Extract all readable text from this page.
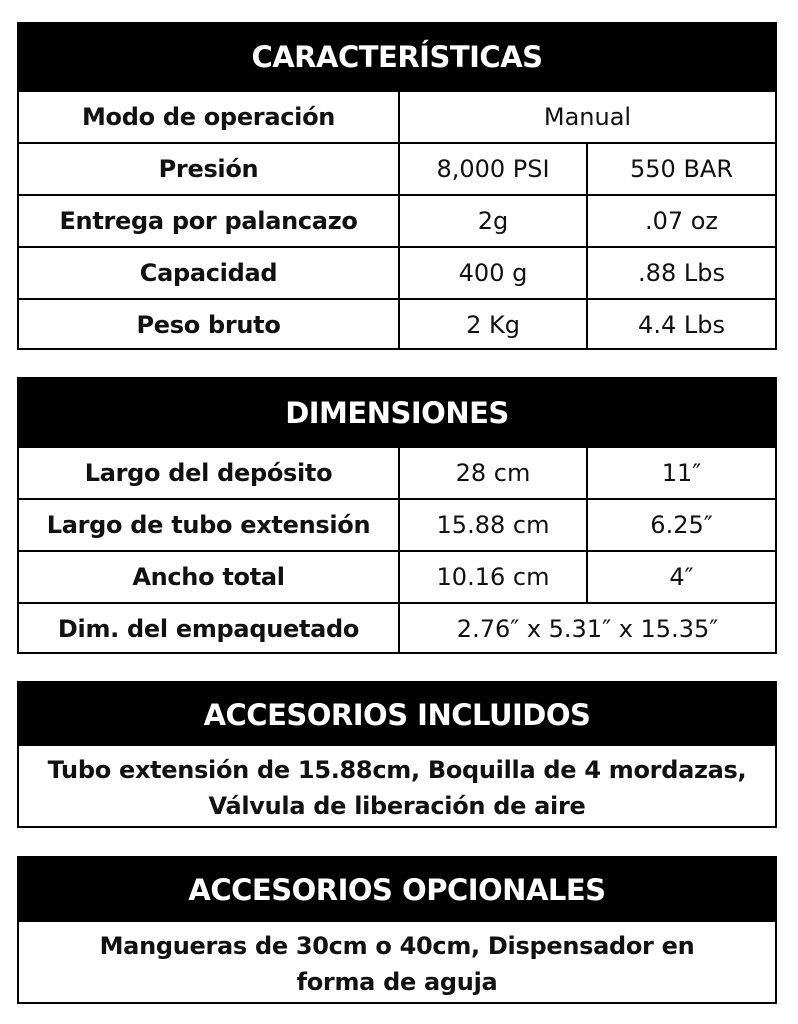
CARACTERÍSTICAS
Modo de operación	Manual	
Presión	8,000 PSI	550 BAR
Entrega por palancazo	2g	.07 oz
Capacidad	400 g	.88 Lbs
Peso bruto	2 Kg	4.4 Lbs
DIMENSIONES
Largo del depósito	28 cm	11″
Largo de tubo extensión	15.88 cm	6.25″
Ancho total	10.16 cm	4″
Dim. del empaquetado	2.76″ x 5.31″ x 15.35″	
ACCESORIOS INCLUIDOS
Tubo extensión de 15.88cm, Boquilla de 4 mordazas,
Válvula de liberación de aire
ACCESORIOS OPCIONALES
Mangueras de 30cm o 40cm, Dispensador en
forma de aguja
